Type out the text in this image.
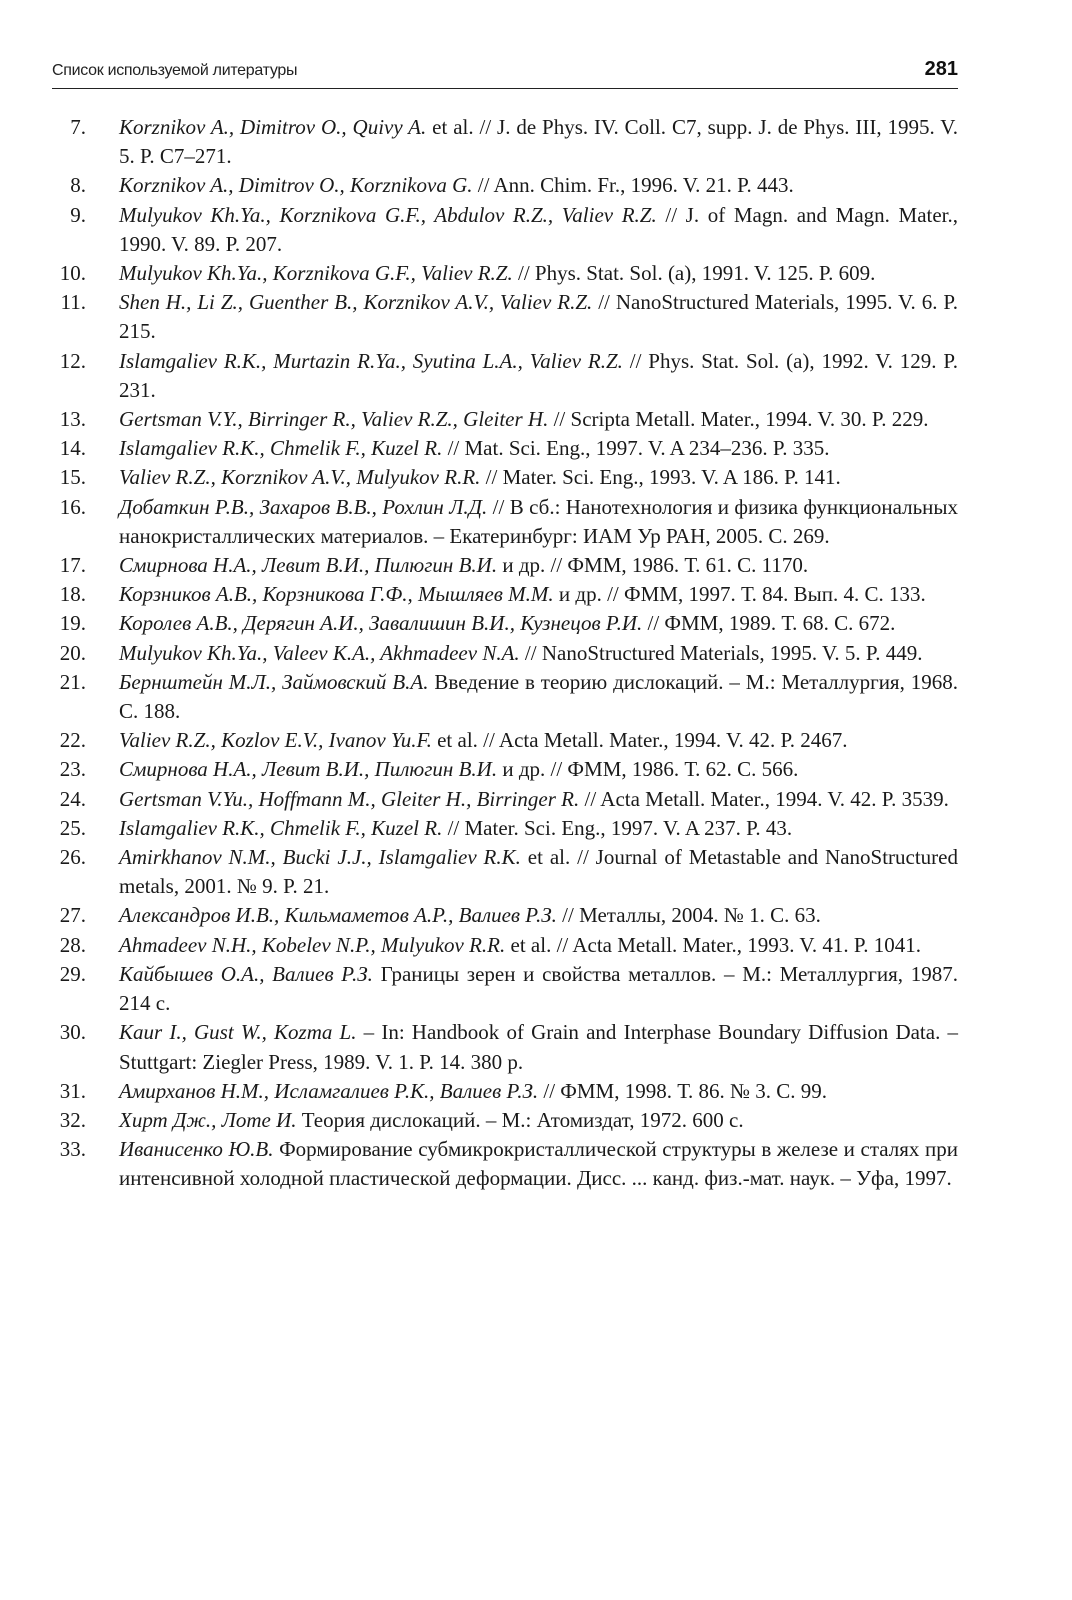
Список используемой литературы	281
7. Korznikov A., Dimitrov O., Quivy A. et al. // J. de Phys. IV. Coll. C7, supp. J. de Phys. III, 1995. V. 5. P. C7–271.
8. Korznikov A., Dimitrov O., Korznikova G. // Ann. Chim. Fr., 1996. V. 21. P. 443.
9. Mulyukov Kh.Ya., Korznikova G.F., Abdulov R.Z., Valiev R.Z. // J. of Magn. and Magn. Mater., 1990. V. 89. P. 207.
10. Mulyukov Kh.Ya., Korznikova G.F., Valiev R.Z. // Phys. Stat. Sol. (a), 1991. V. 125. P. 609.
11. Shen H., Li Z., Guenther B., Korznikov A.V., Valiev R.Z. // NanoStructured Materials, 1995. V. 6. P. 215.
12. Islamgaliev R.K., Murtazin R.Ya., Syutina L.A., Valiev R.Z. // Phys. Stat. Sol. (a), 1992. V. 129. P. 231.
13. Gertsman V.Y., Birringer R., Valiev R.Z., Gleiter H. // Scripta Metall. Mater., 1994. V. 30. P. 229.
14. Islamgaliev R.K., Chmelik F., Kuzel R. // Mat. Sci. Eng., 1997. V. A 234–236. P. 335.
15. Valiev R.Z., Korznikov A.V., Mulyukov R.R. // Mater. Sci. Eng., 1993. V. A 186. P. 141.
16. Добаткин Р.В., Захаров В.В., Рохлин Л.Д. // В сб.: Нанотехнология и физика функциональных нанокристаллических материалов. – Екатеринбург: ИАМ Ур РАН, 2005. С. 269.
17. Смирнова Н.А., Левит В.И., Пилюгин В.И. и др. // ФММ, 1986. Т. 61. С. 1170.
18. Корзников А.В., Корзникова Г.Ф., Мышляев М.М. и др. // ФММ, 1997. Т. 84. Вып. 4. С. 133.
19. Королев А.В., Дерягин А.И., Завалишин В.И., Кузнецов Р.И. // ФММ, 1989. Т. 68. С. 672.
20. Mulyukov Kh.Ya., Valeev K.A., Akhmadeev N.A. // NanoStructured Materials, 1995. V. 5. P. 449.
21. Бернштейн М.Л., Займовский В.А. Введение в теорию дислокаций. – М.: Металлургия, 1968. С. 188.
22. Valiev R.Z., Kozlov E.V., Ivanov Yu.F. et al. // Acta Metall. Mater., 1994. V. 42. P. 2467.
23. Смирнова Н.А., Левит В.И., Пилюгин В.И. и др. // ФММ, 1986. Т. 62. С. 566.
24. Gertsman V.Yu., Hoffmann M., Gleiter H., Birringer R. // Acta Metall. Mater., 1994. V. 42. P. 3539.
25. Islamgaliev R.K., Chmelik F., Kuzel R. // Mater. Sci. Eng., 1997. V. A 237. P. 43.
26. Amirkhanov N.M., Bucki J.J., Islamgaliev R.K. et al. // Journal of Metastable and NanoStructured metals, 2001. № 9. P. 21.
27. Александров И.В., Кильмаметов А.Р., Валиев Р.З. // Металлы, 2004. № 1. С. 63.
28. Ahmadeev N.H., Kobelev N.P., Mulyukov R.R. et al. // Acta Metall. Mater., 1993. V. 41. P. 1041.
29. Кайбышев О.А., Валиев Р.З. Границы зерен и свойства металлов. – М.: Металлургия, 1987. 214 с.
30. Kaur I., Gust W., Kozma L. – In: Handbook of Grain and Interphase Boundary Diffusion Data. – Stuttgart: Ziegler Press, 1989. V. 1. P. 14. 380 p.
31. Амирханов Н.М., Исламгалиев Р.К., Валиев Р.З. // ФММ, 1998. Т. 86. № 3. С. 99.
32. Хирт Дж., Лоте И. Теория дислокаций. – М.: Атомиздат, 1972. 600 с.
33. Иванисенко Ю.В. Формирование субмикрокристаллической структуры в железе и сталях при интенсивной холодной пластической деформации. Дисс. ... канд. физ.-мат. наук. – Уфа, 1997.
